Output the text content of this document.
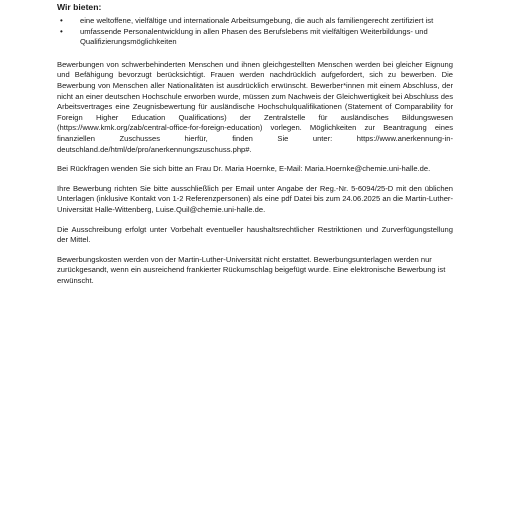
Wir bieten:
• eine weltoffene, vielfältige und internationale Arbeitsumgebung, die auch als familiengerecht zertifiziert ist
• umfassende Personalentwicklung in allen Phasen des Berufslebens mit vielfältigen Weiterbildungs- und Qualifizierungsmöglichkeiten

Bewerbungen von schwerbehinderten Menschen und ihnen gleichgestellten Menschen werden bei gleicher Eignung und Befähigung bevorzugt berücksichtigt. Frauen werden nachdrücklich aufgefordert, sich zu bewerben. Die Bewerbung von Menschen aller Nationalitäten ist ausdrücklich erwünscht. Bewerber*innen mit einem Abschluss, der nicht an einer deutschen Hochschule erworben wurde, müssen zum Nachweis der Gleichwertigkeit bei Abschluss des Arbeitsvertrages eine Zeugnisbewertung für ausländische Hochschulqualifikationen (Statement of Comparability for Foreign Higher Education Qualifications) der Zentralstelle für ausländisches Bildungswesen (https://www.kmk.org/zab/central-office-for-foreign-education) vorlegen. Möglichkeiten zur Beantragung eines finanziellen Zuschusses hierfür, finden Sie unter: https://www.anerkennung-in-deutschland.de/html/de/pro/anerkennungszuschuss.php#.

Bei Rückfragen wenden Sie sich bitte an Frau Dr. Maria Hoernke, E-Mail: Maria.Hoernke@chemie.uni-halle.de.

Ihre Bewerbung richten Sie bitte ausschließlich per Email unter Angabe der Reg.-Nr. 5-6094/25-D mit den üblichen Unterlagen (inklusive Kontakt von 1-2 Referenzpersonen) als eine pdf Datei bis zum 24.06.2025 an die Martin-Luther-Universität Halle-Wittenberg, Luise.Quil@chemie.uni-halle.de.

Die Ausschreibung erfolgt unter Vorbehalt eventueller haushaltsrechtlicher Restriktionen und Zurverfügungstellung der Mittel.

Bewerbungskosten werden von der Martin-Luther-Universität nicht erstattet. Bewerbungsunterlagen werden nur zurückgesandt, wenn ein ausreichend frankierter Rückumschlag beigefügt wurde. Eine elektronische Bewerbung ist erwünscht.
